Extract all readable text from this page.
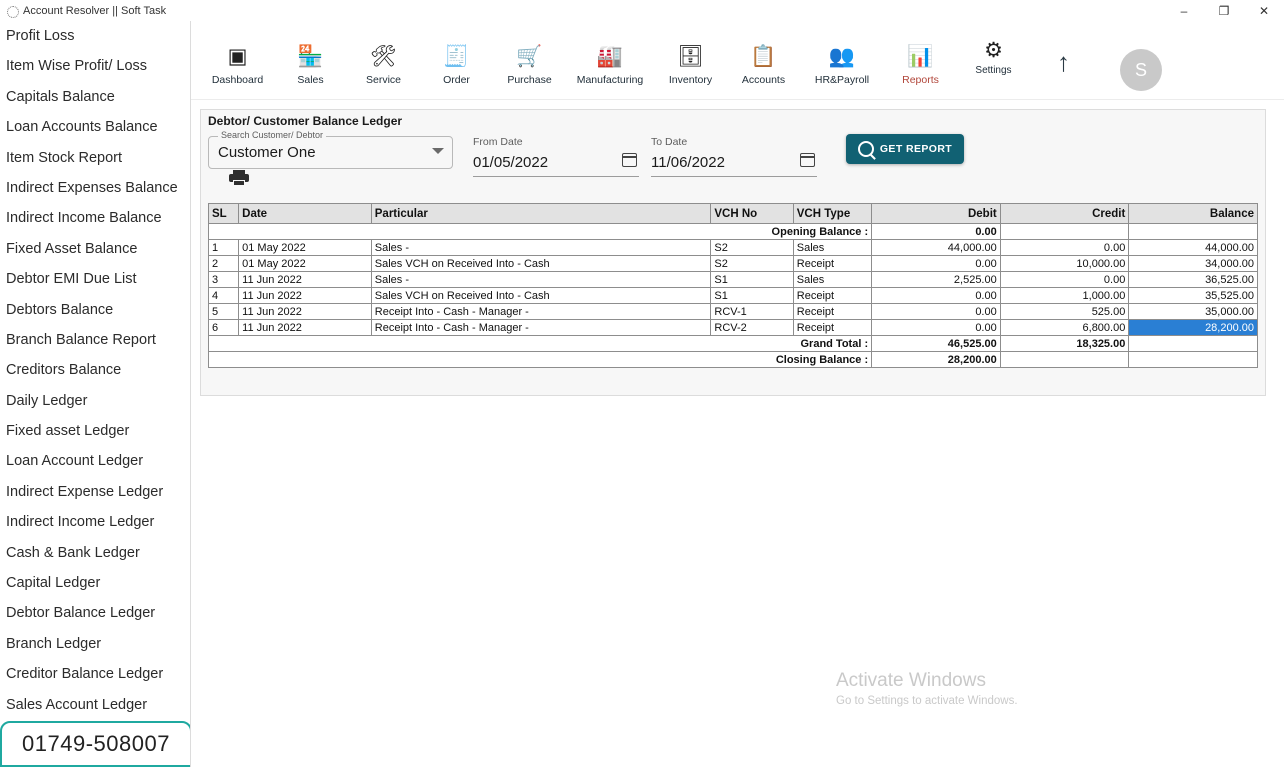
Account Resolver || Soft Task	–	❐	✕
Profit Loss
Item Wise Profit/ Loss
Capitals Balance
Loan Accounts Balance
Item Stock Report
Indirect Expenses Balance
Indirect Income Balance
Fixed Asset Balance
Debtor EMI Due List
Debtors Balance
Branch Balance Report
Creditors Balance
Daily Ledger
Fixed asset Ledger
Loan Account Ledger
Indirect Expense Ledger
Indirect Income Ledger
Cash & Bank Ledger
Capital Ledger
Debtor Balance Ledger
Branch Ledger
Creditor Balance Ledger
Sales Account Ledger
01749-508007
▣
Dashboard
🏪
Sales
🛠
Service
🧾
Order
🛒
Purchase
🏭
Manufacturing
🗄
Inventory
📋
Accounts
👥
HR&Payroll
📊
Reports
⚙
Settings ↑	S
Debtor/ Customer Balance Ledger
Search Customer/ Debtor
Customer One
From Date
01/05/2022
To Date
11/06/2022
GET REPORT
SL	Date	Particular	VCH No	VCH Type	Debit	Credit	Balance
Opening Balance :					0.00		
1	01 May 2022	Sales -	S2	Sales	44,000.00	0.00	44,000.00
2	01 May 2022	Sales VCH on Received Into - Cash	S2	Receipt	0.00	10,000.00	34,000.00
3	11 Jun 2022	Sales -	S1	Sales	2,525.00	0.00	36,525.00
4	11 Jun 2022	Sales VCH on Received Into - Cash	S1	Receipt	0.00	1,000.00	35,525.00
5	11 Jun 2022	Receipt Into - Cash - Manager -	RCV-1	Receipt	0.00	525.00	35,000.00
6	11 Jun 2022	Receipt Into - Cash - Manager -	RCV-2	Receipt	0.00	6,800.00	28,200.00
Grand Total :					46,525.00	18,325.00	
Closing Balance :					28,200.00		
Activate Windows
Go to Settings to activate Windows.
